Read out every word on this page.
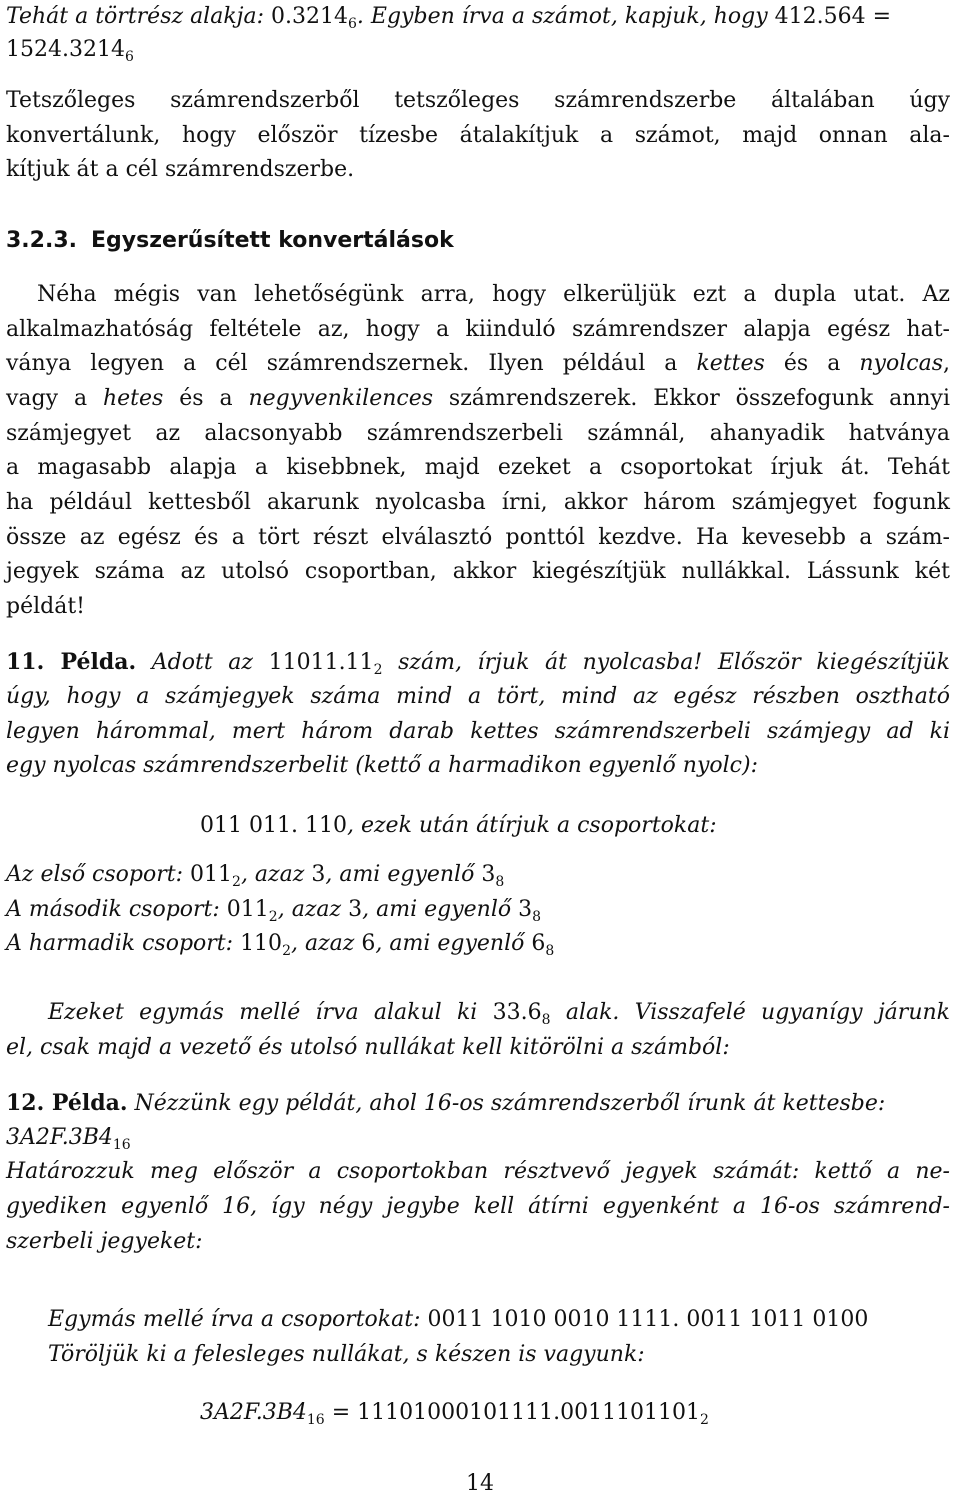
Tehát a törtrész alakja: $0.3214_6$. Egyben írva a számot, kapjuk, hogy 412.564 =
$1524.3214_6$
Tetszőleges számrendszerből tetszőleges számrendszerbe általában úgy
konvertálunk, hogy először tízesbe átalakítjuk a számot, majd onnan ala-
kítjuk át a cél számrendszerbe.
3.2.3. Egyszerűsített konvertálások
Néha mégis van lehetőségünk arra, hogy elkerüljük ezt a dupla utat. Az
alkalmazhatóság feltétele az, hogy a kiinduló számrendszer alapja egész hat-
ványa legyen a cél számrendszernek. Ilyen például a kettes és a nyolcas,
vagy a hetes és a negyvenkilences számrendszerek. Ekkor összefogunk annyi
számjegyet az alacsonyabb számrendszerbeli számnál, ahanyadik hatványa
a magasabb alapja a kisebbnek, majd ezeket a csoportokat írjuk át. Tehát
ha például kettesből akarunk nyolcasba írni, akkor három számjegyet fogunk
össze az egész és a tört részt elválasztó ponttól kezdve. Ha kevesebb a szám-
jegyek száma az utolsó csoportban, akkor kiegészítjük nullákkal. Lássunk két
példát!
11. Példa. Adott az $11011.11_2$ szám, írjuk át nyolcasba! Először kiegészítjük
úgy, hogy a számjegyek száma mind a tört, mind az egész részben osztható
legyen hárommal, mert három darab kettes számrendszerbeli számjegy ad ki
egy nyolcas számrendszerbelit (kettő a harmadikon egyenlő nyolc):
011 011. 110, ezek után átírjuk a csoportokat:
Az első csoport: $011_2$, azaz 3, ami egyenlő $3_8$
A második csoport: $011_2$, azaz 3, ami egyenlő $3_8$
A harmadik csoport: $110_2$, azaz 6, ami egyenlő $6_8$
Ezeket egymás mellé írva alakul ki $33.6_8$ alak. Visszafelé ugyanígy járunk
el, csak majd a vezető és utolsó nullákat kell kitörölni a számból:
12. Példa. Nézzünk egy példát, ahol 16-os számrendszerből írunk át kettesbe:
$3A2F.3B4_{16}$
Határozzuk meg először a csoportokban résztvevő jegyek számát: kettő a ne-
gyediken egyenlő 16, így négy jegybe kell átírni egyenként a 16-os számrend-
szerbeli jegyeket:
Egymás mellé írva a csoportokat: 0011 1010 0010 1111. 0011 1011 0100
Töröljük ki a felesleges nullákat, s készen is vagyunk:
$3A2F.3B4_{16} = 11101000101111.0011101101_2$
14
